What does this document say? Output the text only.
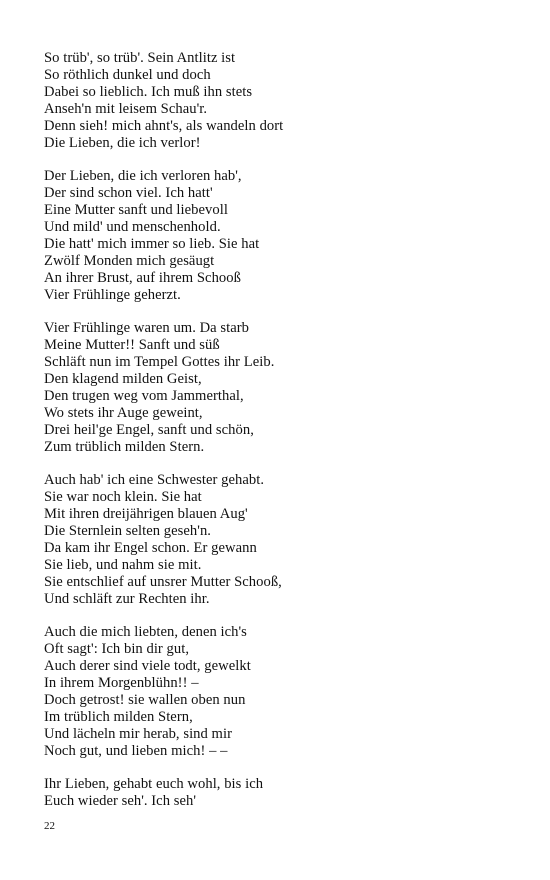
So trüb', so trüb'. Sein Antlitz ist
So röthlich dunkel und doch
Dabei so lieblich. Ich muß ihn stets
Anseh'n mit leisem Schau'r.
Denn sieh! mich ahnt's, als wandeln dort
Die Lieben, die ich verlor!
Der Lieben, die ich verloren hab',
Der sind schon viel. Ich hatt'
Eine Mutter sanft und liebevoll
Und mild' und menschenhold.
Die hatt' mich immer so lieb. Sie hat
Zwölf Monden mich gesäugt
An ihrer Brust, auf ihrem Schooß
Vier Frühlinge geherzt.
Vier Frühlinge waren um. Da starb
Meine Mutter!! Sanft und süß
Schläft nun im Tempel Gottes ihr Leib.
Den klagend milden Geist,
Den trugen weg vom Jammerthal,
Wo stets ihr Auge geweint,
Drei heil'ge Engel, sanft und schön,
Zum trüblich milden Stern.
Auch hab' ich eine Schwester gehabt.
Sie war noch klein. Sie hat
Mit ihren dreijährigen blauen Aug'
Die Sternlein selten geseh'n.
Da kam ihr Engel schon. Er gewann
Sie lieb, und nahm sie mit.
Sie entschlief auf unsrer Mutter Schooß,
Und schläft zur Rechten ihr.
Auch die mich liebten, denen ich's
Oft sagt': Ich bin dir gut,
Auch derer sind viele todt, gewelkt
In ihrem Morgenblühn!! –
Doch getrost! sie wallen oben nun
Im trüblich milden Stern,
Und lächeln mir herab, sind mir
Noch gut, und lieben mich! – –
Ihr Lieben, gehabt euch wohl, bis ich
Euch wieder seh'. Ich seh'
22
